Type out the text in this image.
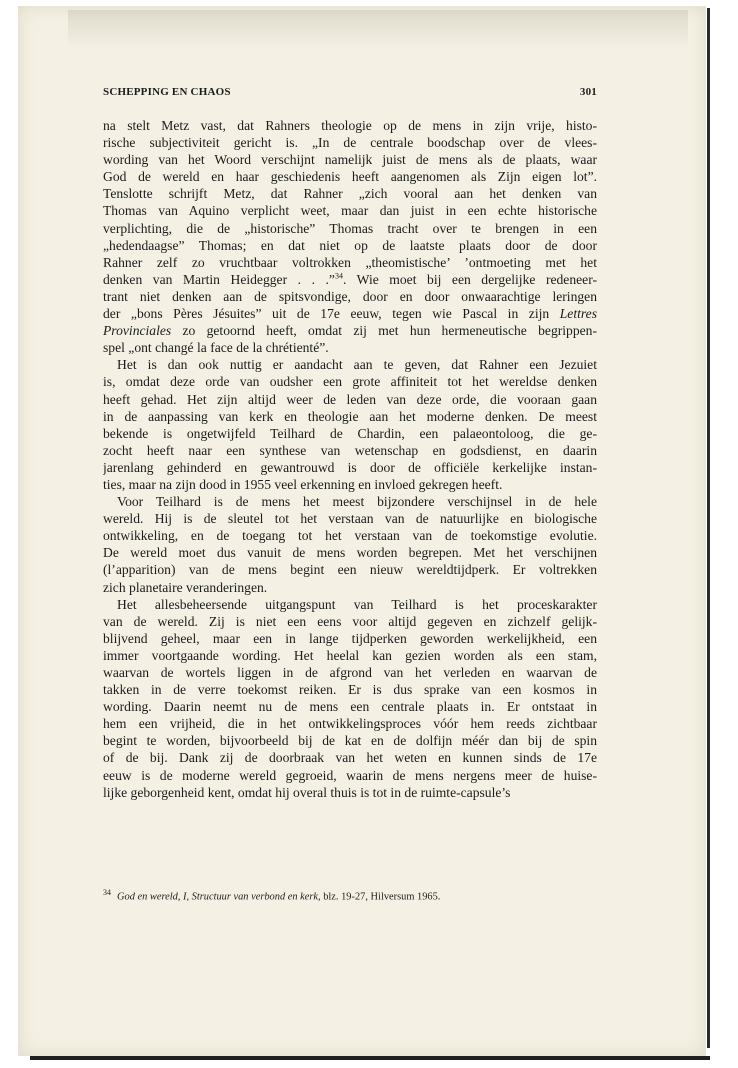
SCHEPPING EN CHAOS	301
na stelt Metz vast, dat Rahners theologie op de mens in zijn vrije, histo-
rische subjectiviteit gericht is. „In de centrale boodschap over de vlees-
wording van het Woord verschijnt namelijk juist de mens als de plaats, waar
God de wereld en haar geschiedenis heeft aangenomen als Zijn eigen lot”.
Tenslotte schrijft Metz, dat Rahner „zich vooral aan het denken van
Thomas van Aquino verplicht weet, maar dan juist in een echte historische
verplichting, die de „historische” Thomas tracht over te brengen in een
„hedendaagse” Thomas; en dat niet op de laatste plaats door de door
Rahner zelf zo vruchtbaar voltrokken „theomistische’ ’ontmoeting met het
denken van Martin Heidegger . . .”$^{34}$. Wie moet bij een dergelijke redeneer-
trant niet denken aan de spitsvondige, door en door onwaarachtige leringen
der „bons Pères Jésuites” uit de 17e eeuw, tegen wie Pascal in zijn Lettres
Provinciales zo getoornd heeft, omdat zij met hun hermeneutische begrippen-
spel „ont changé la face de la chrétienté”.
Het is dan ook nuttig er aandacht aan te geven, dat Rahner een Jezuiet
is, omdat deze orde van oudsher een grote affiniteit tot het wereldse denken
heeft gehad. Het zijn altijd weer de leden van deze orde, die vooraan gaan
in de aanpassing van kerk en theologie aan het moderne denken. De meest
bekende is ongetwijfeld Teilhard de Chardin, een palaeontoloog, die ge-
zocht heeft naar een synthese van wetenschap en godsdienst, en daarin
jarenlang gehinderd en gewantrouwd is door de officiële kerkelijke instan-
ties, maar na zijn dood in 1955 veel erkenning en invloed gekregen heeft.
Voor Teilhard is de mens het meest bijzondere verschijnsel in de hele
wereld. Hij is de sleutel tot het verstaan van de natuurlijke en biologische
ontwikkeling, en de toegang tot het verstaan van de toekomstige evolutie.
De wereld moet dus vanuit de mens worden begrepen. Met het verschijnen
(l’apparition) van de mens begint een nieuw wereldtijdperk. Er voltrekken
zich planetaire veranderingen.
Het allesbeheersende uitgangspunt van Teilhard is het proceskarakter
van de wereld. Zij is niet een eens voor altijd gegeven en zichzelf gelijk-
blijvend geheel, maar een in lange tijdperken geworden werkelijkheid, een
immer voortgaande wording. Het heelal kan gezien worden als een stam,
waarvan de wortels liggen in de afgrond van het verleden en waarvan de
takken in de verre toekomst reiken. Er is dus sprake van een kosmos in
wording. Daarin neemt nu de mens een centrale plaats in. Er ontstaat in
hem een vrijheid, die in het ontwikkelingsproces vóór hem reeds zichtbaar
begint te worden, bijvoorbeeld bij de kat en de dolfijn méér dan bij de spin
of de bij. Dank zij de doorbraak van het weten en kunnen sinds de 17e
eeuw is de moderne wereld gegroeid, waarin de mens nergens meer de huise-
lijke geborgenheid kent, omdat hij overal thuis is tot in de ruimte-capsule’s
$^{34}$ God en wereld, I, Structuur van verbond en kerk, blz. 19-27, Hilversum 1965.
